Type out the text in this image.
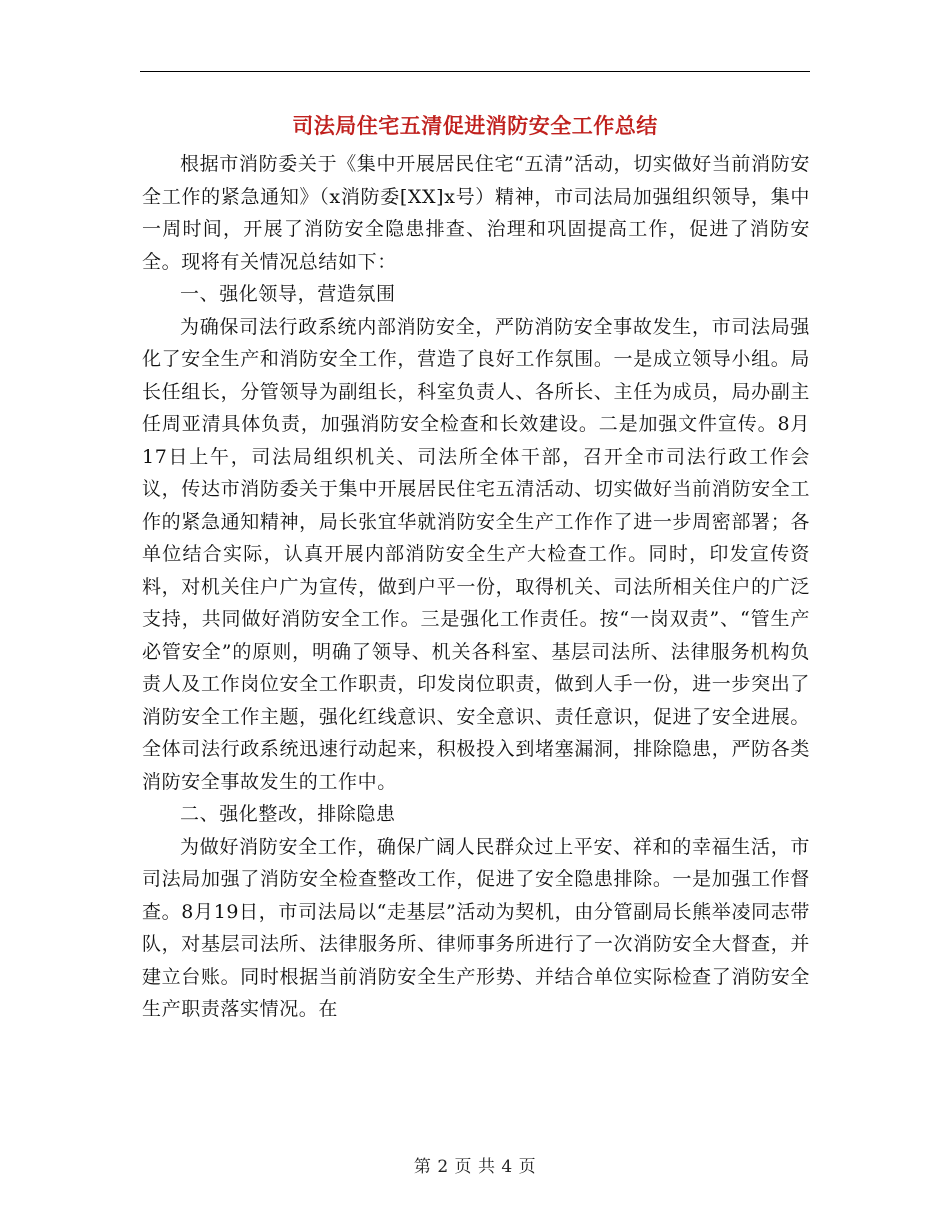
司法局住宅五清促进消防安全工作总结

根据市消防委关于《集中开展居民住宅“五清”活动，切实做好当前消防安全工作的紧急通知》（x消防委[XX]x号）精神，市司法局加强组织领导，集中一周时间，开展了消防安全隐患排查、治理和巩固提高工作，促进了消防安全。现将有关情况总结如下：

一、强化领导，营造氛围

为确保司法行政系统内部消防安全，严防消防安全事故发生，市司法局强化了安全生产和消防安全工作，营造了良好工作氛围。一是成立领导小组。局长任组长，分管领导为副组长，科室负责人、各所长、主任为成员，局办副主任周亚清具体负责，加强消防安全检查和长效建设。二是加强文件宣传。8月17日上午，司法局组织机关、司法所全体干部，召开全市司法行政工作会议，传达市消防委关于集中开展居民住宅五清活动、切实做好当前消防安全工作的紧急通知精神，局长张宜华就消防安全生产工作作了进一步周密部署；各单位结合实际，认真开展内部消防安全生产大检查工作。同时，印发宣传资料，对机关住户广为宣传，做到户平一份，取得机关、司法所相关住户的广泛支持，共同做好消防安全工作。三是强化工作责任。按“一岗双责”、“管生产必管安全”的原则，明确了领导、机关各科室、基层司法所、法律服务机构负责人及工作岗位安全工作职责，印发岗位职责，做到人手一份，进一步突出了消防安全工作主题，强化红线意识、安全意识、责任意识，促进了安全进展。全体司法行政系统迅速行动起来，积极投入到堵塞漏洞，排除隐患，严防各类消防安全事故发生的工作中。

二、强化整改，排除隐患

为做好消防安全工作，确保广阔人民群众过上平安、祥和的幸福生活，市司法局加强了消防安全检查整改工作，促进了安全隐患排除。一是加强工作督查。8月19日，市司法局以“走基层”活动为契机，由分管副局长熊举凌同志带队，对基层司法所、法律服务所、律师事务所进行了一次消防安全大督查，并建立台账。同时根据当前消防安全生产形势、并结合单位实际检查了消防安全生产职责落实情况。在

第 2 页 共 4 页
